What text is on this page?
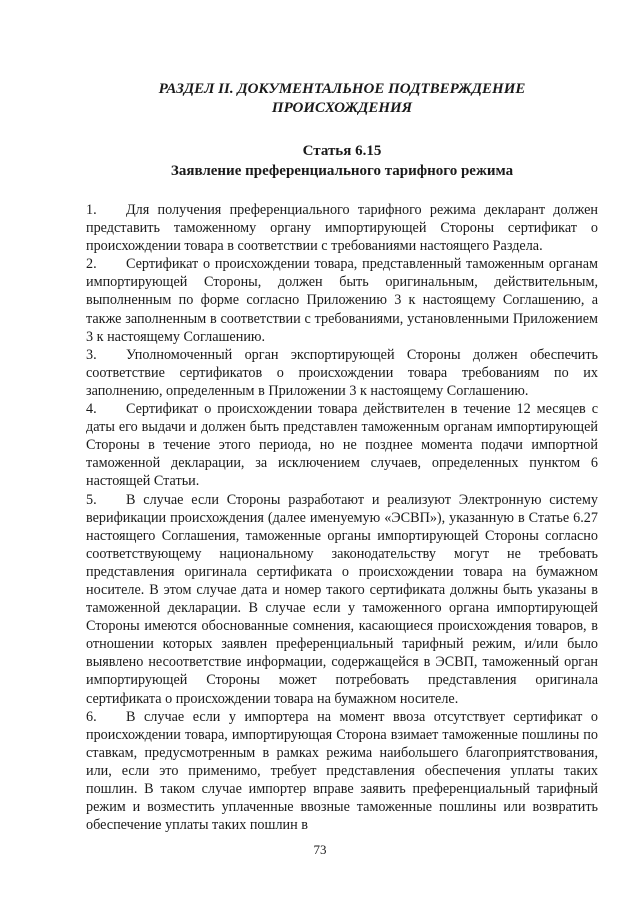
РАЗДЕЛ II. ДОКУМЕНТАЛЬНОЕ ПОДТВЕРЖДЕНИЕ
ПРОИСХОЖДЕНИЯ

Статья 6.15

Заявление преференциального тарифного режима

1. Для получения преференциального тарифного режима декларант должен представить таможенному органу импортирующей Стороны сертификат о происхождении товара в соответствии с требованиями настоящего Раздела.

2. Сертификат о происхождении товара, представленный таможенным органам импортирующей Стороны, должен быть оригинальным, действительным, выполненным по форме согласно Приложению 3 к настоящему Соглашению, а также заполненным в соответствии с требованиями, установленными Приложением 3 к настоящему Соглашению.

3. Уполномоченный орган экспортирующей Стороны должен обеспечить соответствие сертификатов о происхождении товара требованиям по их заполнению, определенным в Приложении 3 к настоящему Соглашению.

4. Сертификат о происхождении товара действителен в течение 12 месяцев с даты его выдачи и должен быть представлен таможенным органам импортирующей Стороны в течение этого периода, но не позднее момента подачи импортной таможенной декларации, за исключением случаев, определенных пунктом 6 настоящей Статьи.

5. В случае если Стороны разработают и реализуют Электронную систему верификации происхождения (далее именуемую «ЭСВП»), указанную в Статье 6.27 настоящего Соглашения, таможенные органы импортирующей Стороны согласно соответствующему национальному законодательству могут не требовать представления оригинала сертификата о происхождении товара на бумажном носителе. В этом случае дата и номер такого сертификата должны быть указаны в таможенной декларации. В случае если у таможенного органа импортирующей Стороны имеются обоснованные сомнения, касающиеся происхождения товаров, в отношении которых заявлен преференциальный тарифный режим, и/или было выявлено несоответствие информации, содержащейся в ЭСВП, таможенный орган импортирующей Стороны может потребовать представления оригинала сертификата о происхождении товара на бумажном носителе.

6. В случае если у импортера на момент ввоза отсутствует сертификат о происхождении товара, импортирующая Сторона взимает таможенные пошлины по ставкам, предусмотренным в рамках режима наибольшего благоприятствования, или, если это применимо, требует представления обеспечения уплаты таких пошлин. В таком случае импортер вправе заявить преференциальный тарифный режим и возместить уплаченные ввозные таможенные пошлины или возвратить обеспечение уплаты таких пошлин в

73
